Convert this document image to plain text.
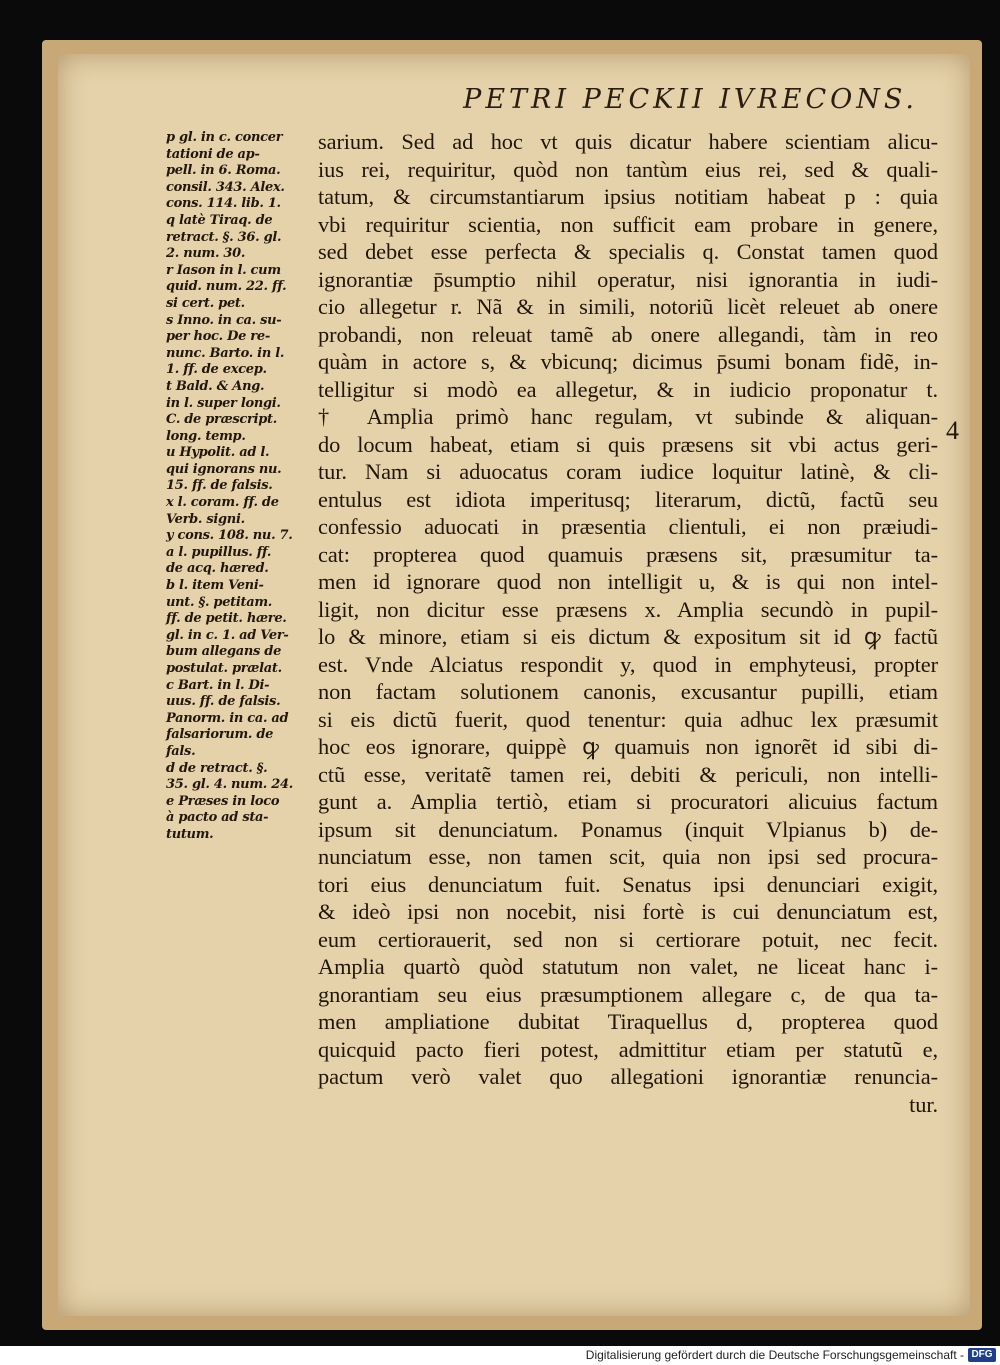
PETRI PECKII IVRECONS.
p gl. in c. concer
tationi de ap-
pell. in 6. Roma.
consil. 343. Alex.
cons. 114. lib. 1.
q latè Tiraq. de
retract. §. 36. gl.
2. num. 30.
r Iason in l. cum
quid. num. 22. ff.
si cert. pet.
s Inno. in ca. su-
per hoc. De re-
nunc. Barto. in l.
1. ff. de excep.
t Bald. & Ang.
in l. super longi.
C. de præscript.
long. temp.
u Hypolit. ad l.
qui ignorans nu.
15. ff. de falsis.
x l. coram. ff. de
Verb. signi.
y cons. 108. nu. 7.
a l. pupillus. ff.
de acq. hæred.
b l. item Veni-
unt. §. petitam.
ff. de petit. hære.
gl. in c. 1. ad Ver-
bum allegans de
postulat. prælat.
c Bart. in l. Di-
uus. ff. de falsis.
Panorm. in ca. ad
falsariorum. de
fals.
d de retract. §.
35. gl. 4. num. 24.
e Præses in loco
à pacto ad sta-
tutum.
sarium. Sed ad hoc vt quis dicatur habere scientiam alicu-
ius rei, requiritur, quòd non tantùm eius rei, sed & quali-
tatum, & circumstantiarum ipsius notitiam habeat p : quia
vbi requiritur scientia, non sufficit eam probare in genere,
sed debet esse perfecta & specialis q. Constat tamen quod
ignorantiæ p̄sumptio nihil operatur, nisi ignorantia in iudi-
cio allegetur r. Nã & in simili, notoriũ licèt releuet ab onere
probandi, non releuat tamẽ ab onere allegandi, tàm in reo
quàm in actore s, & vbicunq; dicimus p̄sumi bonam fidẽ, in-
telligitur si modò ea allegetur, & in iudicio proponatur t.
† Amplia primò hanc regulam, vt subinde & aliquan-
do locum habeat, etiam si quis præsens sit vbi actus geri-
tur. Nam si aduocatus coram iudice loquitur latinè, & cli-
entulus est idiota imperitusq; literarum, dictũ, factũ seu
confessio aduocati in præsentia clientuli, ei non præiudi-
cat: propterea quod quamuis præsens sit, præsumitur ta-
men id ignorare quod non intelligit u, & is qui non intel-
ligit, non dicitur esse præsens x. Amplia secundò in pupil-
lo & minore, etiam si eis dictum & expositum sit id ꝙ factũ
est. Vnde Alciatus respondit y, quod in emphyteusi, propter
non factam solutionem canonis, excusantur pupilli, etiam
si eis dictũ fuerit, quod tenentur: quia adhuc lex præsumit
hoc eos ignorare, quippè ꝙ quamuis non ignorẽt id sibi di-
ctũ esse, veritatẽ tamen rei, debiti & periculi, non intelli-
gunt a. Amplia tertiò, etiam si procuratori alicuius factum
ipsum sit denunciatum. Ponamus (inquit Vlpianus b) de-
nunciatum esse, non tamen scit, quia non ipsi sed procura-
tori eius denunciatum fuit. Senatus ipsi denunciari exigit,
& ideò ipsi non nocebit, nisi fortè is cui denunciatum est,
eum certiorauerit, sed non si certiorare potuit, nec fecit.
Amplia quartò quòd statutum non valet, ne liceat hanc i-
gnorantiam seu eius præsumptionem allegare c, de qua ta-
men ampliatione dubitat Tiraquellus d, propterea quod
quicquid pacto fieri potest, admittitur etiam per statutũ e,
pactum verò valet quo allegationi ignorantiæ renuncia-
tur.
4
Digitalisierung gefördert durch die Deutsche Forschungsgemeinschaft - DFG
